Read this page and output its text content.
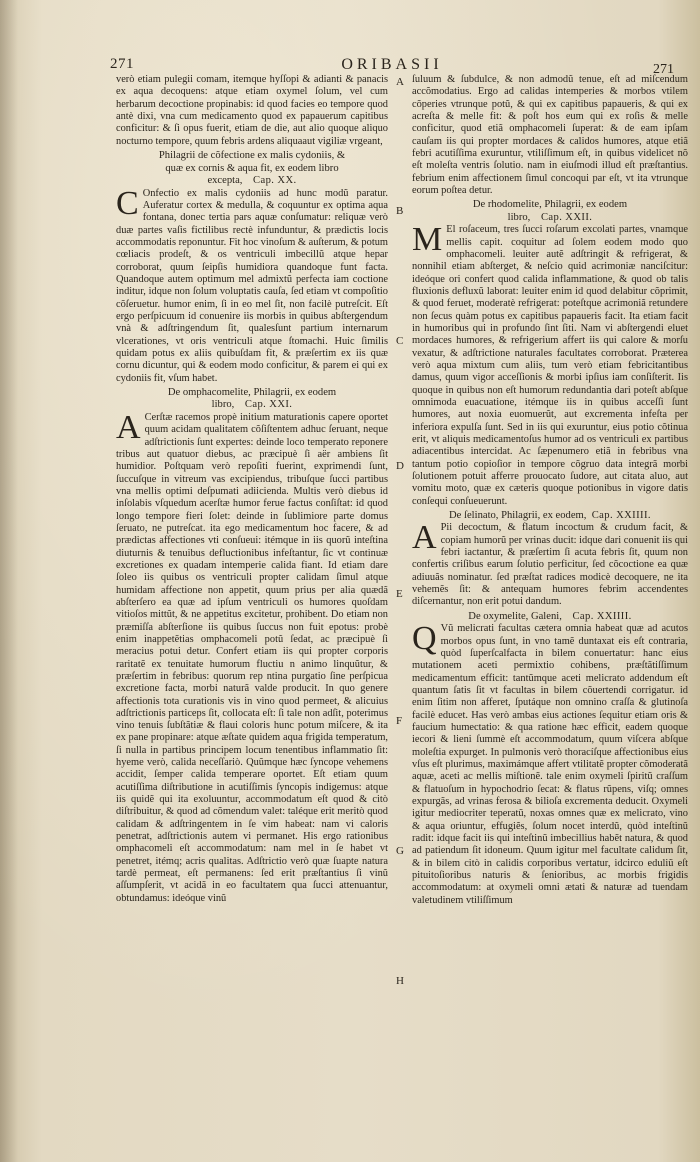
271	ORIBASII	271
A
B
C
D
E
F
G
H

verò etiam pulegii comam, itemque hyſſopi & adianti & panacis ex aqua decoquens: atque etiam oxymel ſolum, vel cum herbarum decoctione propinabis: id quod facies eo tempore quod antè dixi, vna cum medicamento quod ex papauerum capitibus conficitur: & ſi opus fuerit, etiam de die, aut alio quoque aliquo nocturno tempore, quum febris ardens aliquaaut vigiliæ vrgeant,

Philagrii de cõfectione ex malis cydoniis, &

quæ ex cornis & aqua fit, ex eodem libro

excepta, Cap. XX.

C Onfectio ex malis cydoniis ad hunc modũ paratur. Auferatur cortex & medulla, & coquuntur ex optima aqua fontana, donec tertia pars aquæ conſumatur: reliquæ verò duæ partes vaſis fictilibus rectè infunduntur, & prædictis locis accommodatis reponuntur. Fit hoc vinoſum & auſterum, & potum cœliacis prodeſt, & os ventriculi imbecillũ atque hepar corroborat, quum ſeipſis humidiora quandoque funt facta. Quandoque autem optimum mel admixtũ perfecta iam coctione inditur, idque non ſolum voluptatis cauſa, ſed etiam vt compoſitio cõſeruetur. humor enim, ſi in eo mel ſit, non facilè putreſcit. Eſt ergo perſpicuum id conuenire iis morbis in quibus abſtergendum vnà & adſtringendum ſit, qualesſunt partium internarum vlcerationes, vt oris ventriculi atque ſtomachi. Huic ſimilis quidam potus ex aliis quibuſdam fit, & præſertim ex iis quæ cornu dicuntur, qui & eodem modo conficitur, & parem ei qui ex cydoniis fit, vſum habet.

De omphacomelite, Philagrii, ex eodem

libro, Cap. XXI.

A Cerſtæ racemos propè initium maturationis capere oportet quum acidam qualitatem cõſiſtentem adhuc ſeruant, neque adſtrictionis ſunt expertes: deinde loco temperato reponere tribus aut quatuor diebus, ac præcipuè ſi aër ambiens ſit humidior. Poſtquam verò repoſiti fuerint, exprimendi ſunt, ſuccuſque in vitreum vas excipiendus, tribuſque ſucci partibus vna mellis optimi deſpumati adiicienda. Multis verò diebus id inſolabis vſquedum acerſtæ humor ferue factus conſiſtat: id quod longo tempore fieri ſolet: deinde in ſublimiore parte domus ſeruato, ne putreſcat. ita ego medicamentum hoc facere, & ad prædictas affectiones vti conſueui: itémque in iis quorũ inteſtina diuturnis & tenuibus defluctionibus infeſtantur, ſic vt continuæ excretiones ex quadam intemperie calida fiant. Id etiam dare ſoleo iis quibus os ventriculi propter calidam ſimul atque humidam affectione non appetit, quum prius per alia quædã abſterſero ea quæ ad ipſum ventriculi os humores quoſdam vitioſos mittũt, & ne appetitus excitetur, prohibent. Do etiam non præmiſſa abſterſione iis quibus ſuccus non fuit epotus: probè enim inappetẽtias omphacomeli potũ ſedat, ac præcipuè ſi meracius potui detur. Confert etiam iis qui propter corporis raritatẽ ex tenuitate humorum fluctiu n animo linquũtur, & præſertim in febribus: quorum rep ntina purgatio ſine perſpicua excretione facta, morbi naturã valde producit. In quo genere affectionis tota curationis vis in vino quod permeet, & alicuius adſtrictionis particeps ſit, collocata eſt: ſi tale non adſit, poterimus vino tenuis ſubſtãtiæ & flaui coloris hunc potum miſcere, & ita ex pane propinare: atque æſtate quidem aqua frigida temperatum, ſi nulla in partibus principem locum tenentibus inflammatio ſit: hyeme verò, calida neceſſariò. Quũmque hæc ſyncope vehemens accidit, ſemper calida temperare oportet. Eſt etiam quum acutiſſima diſtributione in acutiſſimis ſyncopis indigemus: atque iis quidẽ qui ita exoluuntur, accommodatum eſt quod & citò diſtribuitur, & quod ad cõmendum valet: taléque erit meritò quod calidam & adſtringentem in ſe vim habeat: nam vi caloris penetrat, adſtrictionis autem vi permanet. His ergo rationibus omphacomeli eſt accommodatum: nam mel in ſe habet vt penetret, itémq; acris qualitas. Adſtrictio verò quæ ſuapte natura tardè permeat, eſt permanens: ſed erit præſtantius ſi vinũ aſſumpſerit, vt acidã in eo facultatem qua ſucci attenuantur, obtundamus: ideóque vinũ

ſuluum & ſubdulce, & non admodũ tenue, eſt ad miſcendum accõmodatius. Ergo ad calidas intemperies & morbos vtilem cõperies vtrunque potũ, & qui ex capitibus papaueris, & qui ex acreſta & melle fit: & poſt hos eum qui ex roſis & melle conficitur, quod etiã omphacomeli ſuperat: & de eam ipſam cauſam iis qui propter mordaces & calidos humores, atque etiã febri acutiſſima exuruntur, vtiliſſimum eſt, in quibus videlicet nõ eſt moleſta ventris ſolutio. nam in eiuſmodi illud eſt præſtantius. febrium enim affectionem ſimul concoqui par eſt, vt ita vtrunque eorum poſtea detur.

De rhodomelite, Philagrii, ex eodem

libro, Cap. XXII.

M El roſaceum, tres ſucci roſarum excolati partes, vnamque mellis capit. coquitur ad ſolem eodem modo quo omphacomeli. leuiter autẽ adſtringit & refrigerat, & nonnihil etiam abſterget, & neſcio quid acrimoniæ nanciſcitur: ideóque ori confert quod calida inflammatione, & quod ob talis fluxionis defluxũ laborat: leuiter enim id quod delabitur cõprimit, & quod feruet, moderatè refrigerat: poteſtque acrimoniã retundere non ſecus quàm potus ex capitibus papaueris facit. Ita etiam facit in humoribus qui in profundo ſint ſiti. Nam vi abſtergendi eluet mordaces humores, & refrigerium affert iis qui calore & morſu vexatur, & adſtrictione naturales facultates corroborat. Præterea verò aqua mixtum cum aliis, tum verò etiam febricitantibus damus, quum vigor acceſſionis & morbi ipſius iam conſiſterit. Iis quoque in quibus non eſt humorum redundantia dari poteſt abſque omnimoda euacuatione, itémque iis in quibus acceſſi ſunt humores, aut noxia euomuerũt, aut excrementa infeſta per inferiora expulſa ſunt. Sed in iis qui exuruntur, eius potio cõtinua erit, vt aliquis medicamentoſus humor ad os ventriculi ex partibus adiacentibus intercidat. Ac ſæpenumero etiã in febribus vna tantum potio copioſior in tempore cõgruo data integrã morbi ſolutionem potuit afferre prouocato ſudore, aut citata aluo, aut vomitu moto, quæ ex cæteris quoque potionibus in vigore datis conſequi conſueuerunt.

De ſelinato, Philagrii, ex eodem, Cap. XXIIII.

A Pii decoctum, & flatum incoctum & crudum facit, & copiam humorũ per vrinas ducit: idque dari conuenit iis qui febri iactantur, & præſertim ſi acuta febris ſit, quum non confertis criſibus earum ſolutio perficitur, ſed cõcoctione ea quæ adiuuãs nominatur. ſed præſtat radices modicè decoquere, ne ita vehemẽs ſit: & antequam humores febrim accendentes diſcernantur, non erit potui dandum.

De oxymelite, Galeni, Cap. XXIIII.

Q Vũ melicrati facultas cætera omnia habeat quæ ad acutos morbos opus ſunt, in vno tamẽ duntaxat eis eſt contraria, quòd ſuperſcalfacta in bilem conuertatur: hanc eius mutationem aceti permixtio cohibens, præſtãtiſſimum medicamentum efficit: tantũmque aceti melicrato addendum eſt quantum ſatis ſit vt facultas in bilem cõuertendi corrigatur. id enim ſitim non afferet, ſputáque non omnino craſſa & glutinoſa facilè educet. Has verò ambas eius actiones ſequitur etiam oris & faucium humectatio: & qua ratione hæc efficit, eadem quoque iecori & lieni ſummè eſt accommodatum, quum viſcera abſque moleſtia expurget. In pulmonis verò thoracíſque affectionibus eius vſus eſt plurimus, maximámque affert vtilitatẽ propter cõmoderatã aquæ, aceti ac mellis miſtionẽ. tale enim oxymeli ſpiritũ craſſum & flatuoſum in hypochodrio ſecat: & flatus rũpens, viſq; omnes expurgãs, ad vrinas ferosa & bilioſa excrementa deducit. Oxymeli igitur mediocriter teperatũ, noxas omnes quæ ex melicrato, vino & aqua oriuntur, effugiẽs, ſolum nocet interdũ, quòd inteſtinũ radit: idque facit iis qui inteſtinũ imbecillius habẽt natura, & quod ad patiendum ſit idoneum. Quum igitur mel facultate calidum ſit, & in bilem citò in calidis corporibus vertatur, idcirco eduliũ eſt pituitoſioribus naturis & ſenioribus, ac morbis frigidis accommodatum: at oxymeli omni ætati & naturæ ad tuendam valetudinem vtiliſſimum
